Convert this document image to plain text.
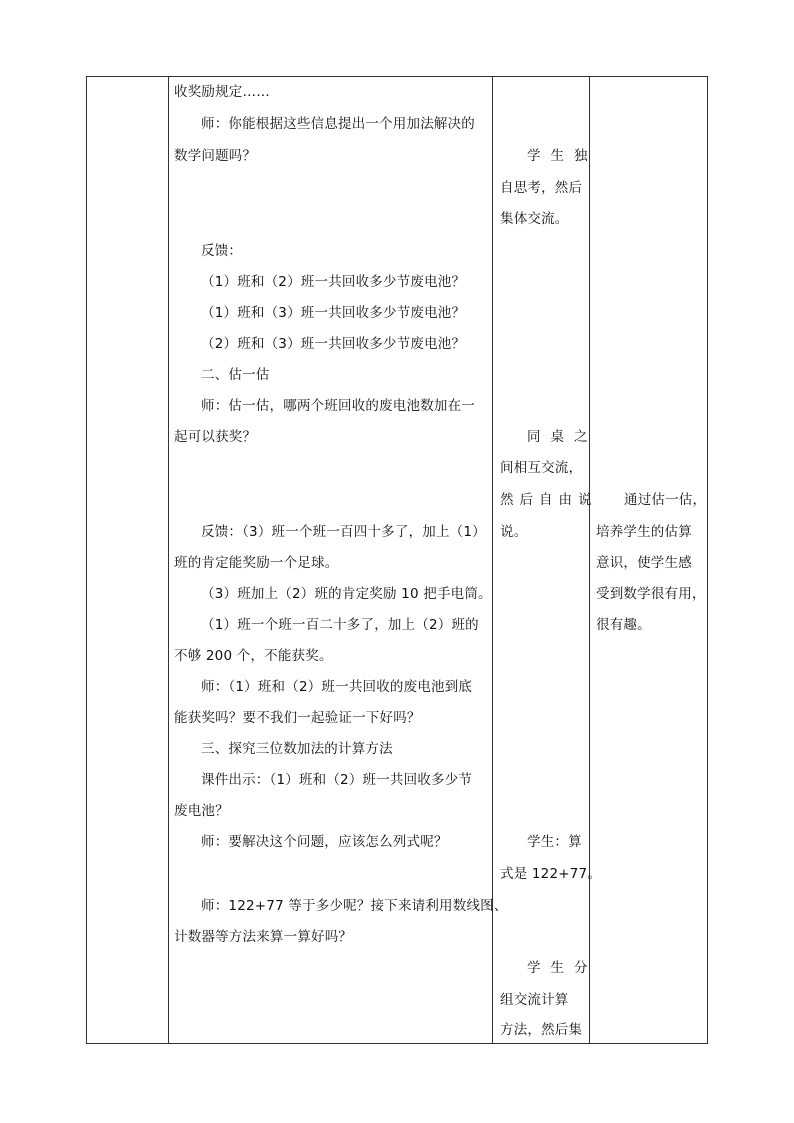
收奖励规定……
师：你能根据这些信息提出一个用加法解决的
数学问题吗？
反馈：
（1）班和（2）班一共回收多少节废电池？
（1）班和（3）班一共回收多少节废电池？
（2）班和（3）班一共回收多少节废电池？
二、估一估
师：估一估，哪两个班回收的废电池数加在一
起可以获奖？
反馈：（3）班一个班一百四十多了，加上（1）
班的肯定能奖励一个足球。
（3）班加上（2）班的肯定奖励 10 把手电筒。
（1）班一个班一百二十多了，加上（2）班的
不够 200 个，不能获奖。
师：（1）班和（2）班一共回收的废电池到底
能获奖吗？要不我们一起验证一下好吗？
三、探究三位数加法的计算方法
课件出示：（1）班和（2）班一共回收多少节
废电池？
师：要解决这个问题，应该怎么列式呢？
师：122+77 等于多少呢？接下来请利用数线图、
计数器等方法来算一算好吗？
学生独
自思考，然后
集体交流。
同桌之
间相互交流，
然后自由说
说。
学生：算
式是 122+77。
学生分
组交流计算
方法，然后集
通过估一估，
培养学生的估算
意识，使学生感
受到数学很有用，
很有趣。
